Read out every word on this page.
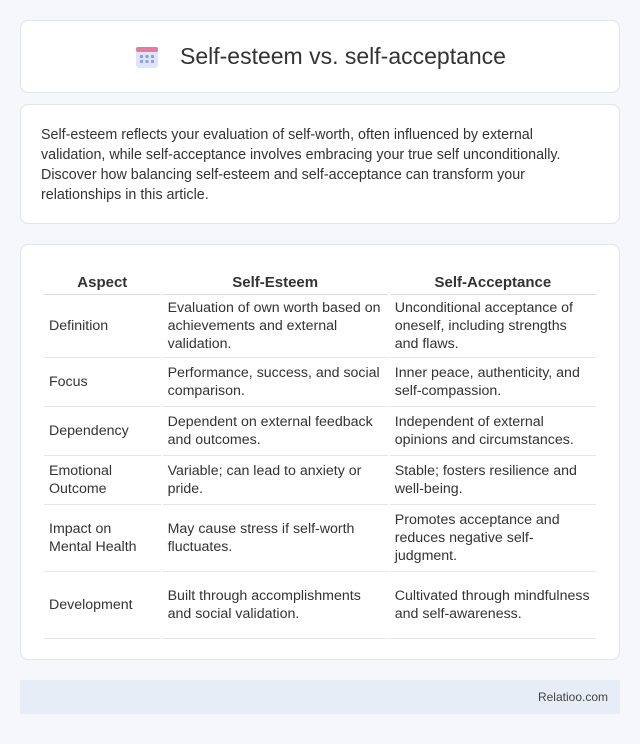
Self-esteem vs. self-acceptance

Self-esteem reflects your evaluation of self-worth, often influenced by external validation, while self-acceptance involves embracing your true self unconditionally. Discover how balancing self-esteem and self-acceptance can transform your relationships in this article.

Aspect	Self-Esteem	Self-Acceptance
Definition	Evaluation of own worth based on achievements and external validation.	Unconditional acceptance of oneself, including strengths and flaws.
Focus	Performance, success, and social comparison.	Inner peace, authenticity, and self-compassion.
Dependency	Dependent on external feedback and outcomes.	Independent of external opinions and circumstances.
Emotional Outcome	Variable; can lead to anxiety or pride.	Stable; fosters resilience and well-being.
Impact on Mental Health	May cause stress if self-worth fluctuates.	Promotes acceptance and reduces negative self-judgment.
Development	Built through accomplishments and social validation.	Cultivated through mindfulness and self-awareness.
Relatioo.com
